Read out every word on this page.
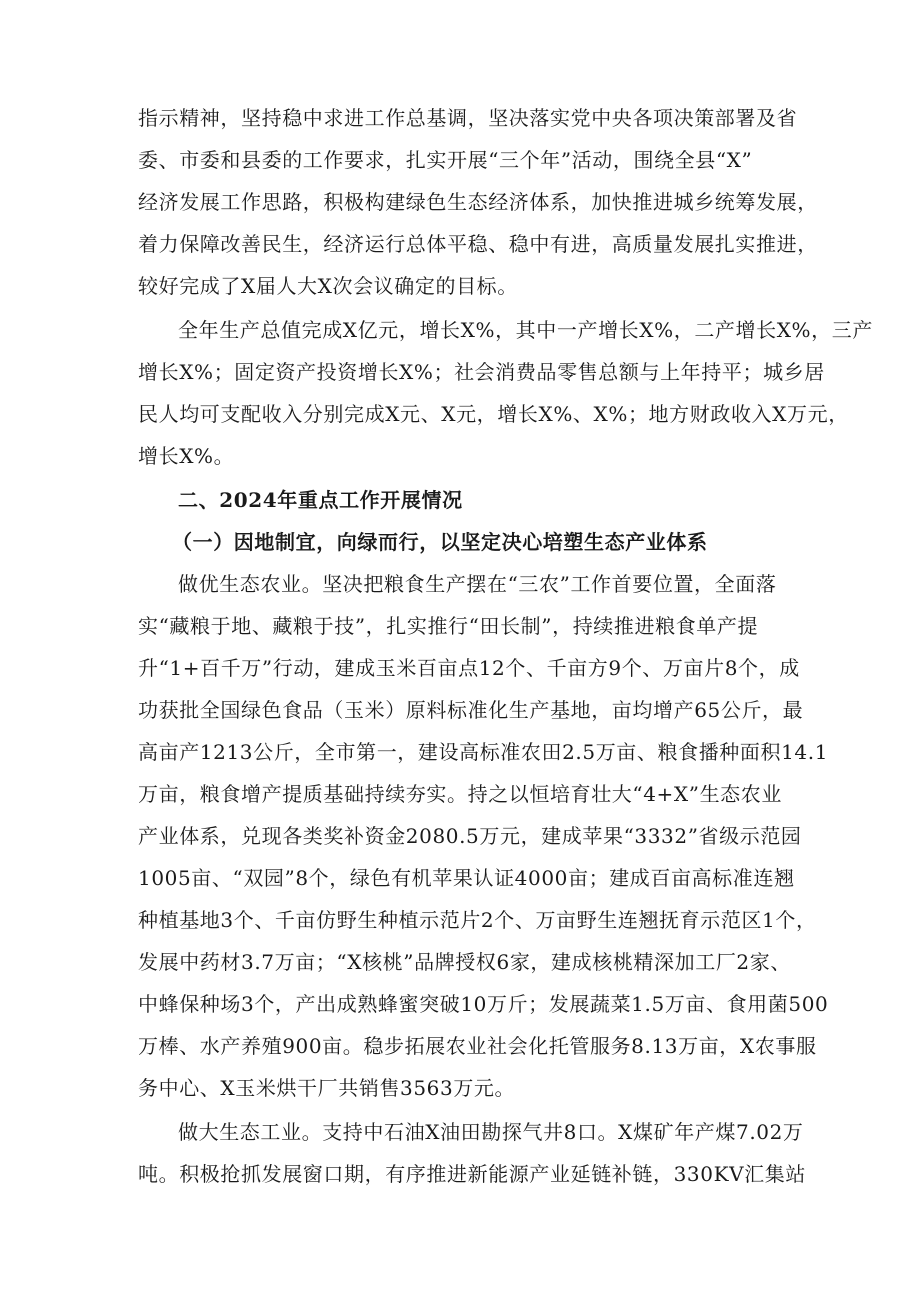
指示精神，坚持稳中求进工作总基调，坚决落实党中央各项决策部署及省
委、市委和县委的工作要求，扎实开展“三个年”活动，围绕全县“X”
经济发展工作思路，积极构建绿色生态经济体系，加快推进城乡统筹发展，
着力保障改善民生，经济运行总体平稳、稳中有进，高质量发展扎实推进，
较好完成了X届人大X次会议确定的目标。
全年生产总值完成X亿元，增长X%，其中一产增长X%，二产增长X%，三产
增长X%；固定资产投资增长X%；社会消费品零售总额与上年持平；城乡居
民人均可支配收入分别完成X元、X元，增长X%、X%；地方财政收入X万元，
增长X%。
二、2024年重点工作开展情况
（一）因地制宜，向绿而行，以坚定决心培塑生态产业体系
做优生态农业。坚决把粮食生产摆在“三农”工作首要位置，全面落
实“藏粮于地、藏粮于技”，扎实推行“田长制”，持续推进粮食单产提
升“1+百千万”行动，建成玉米百亩点12个、千亩方9个、万亩片8个，成
功获批全国绿色食品（玉米）原料标准化生产基地，亩均增产65公斤，最
高亩产1213公斤，全市第一，建设高标准农田2.5万亩、粮食播种面积14.1
万亩，粮食增产提质基础持续夯实。持之以恒培育壮大“4+X”生态农业
产业体系，兑现各类奖补资金2080.5万元，建成苹果“3332”省级示范园
1005亩、“双园”8个，绿色有机苹果认证4000亩；建成百亩高标准连翘
种植基地3个、千亩仿野生种植示范片2个、万亩野生连翘抚育示范区1个，
发展中药材3.7万亩；“X核桃”品牌授权6家，建成核桃精深加工厂2家、
中蜂保种场3个，产出成熟蜂蜜突破10万斤；发展蔬菜1.5万亩、食用菌500
万棒、水产养殖900亩。稳步拓展农业社会化托管服务8.13万亩，X农事服
务中心、X玉米烘干厂共销售3563万元。
做大生态工业。支持中石油X油田勘探气井8口。X煤矿年产煤7.02万
吨。积极抢抓发展窗口期，有序推进新能源产业延链补链，330KV汇集站
